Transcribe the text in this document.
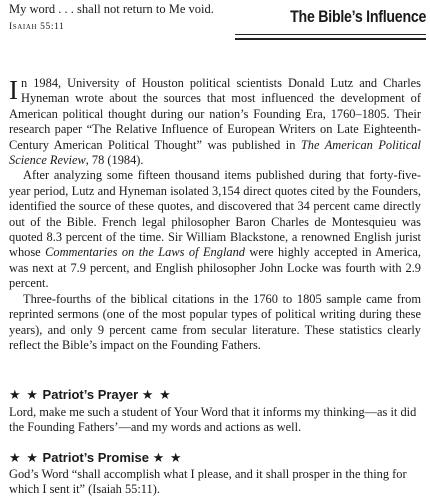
My word . . . shall not return to Me void.
Isaiah 55:11
The Bible’s Influence

In 1984, University of Houston political scientists Donald Lutz and Charles Hyneman wrote about the sources that most influenced the development of American political thought during our nation’s Founding Era, 1760–1805. Their research paper “The Relative Influence of European Writers on Late Eighteenth-Century American Political Thought” was published in The American Political Science Review, 78 (1984).

After analyzing some fifteen thousand items published during that forty-five-year period, Lutz and Hyneman isolated 3,154 direct quotes cited by the Founders, identified the source of these quotes, and discovered that 34 percent came directly out of the Bible. French legal philosopher Baron Charles de Montesquieu was quoted 8.3 percent of the time. Sir William Blackstone, a renowned English jurist whose Commentaries on the Laws of England were highly accepted in America, was next at 7.9 percent, and English philosopher John Locke was fourth with 2.9 percent.

Three-fourths of the biblical citations in the 1760 to 1805 sample came from reprinted sermons (one of the most popular types of political writing during these years), and only 9 percent came from secular literature. These statistics clearly reflect the Bible’s impact on the Founding Fathers.

★ ★ Patriot’s Prayer ★ ★
Lord, make me such a student of Your Word that it informs my thinking—as it did the Founding Fathers’—and my words and actions as well.
★ ★ Patriot’s Promise ★ ★
God’s Word “shall accomplish what I please, and it shall prosper in the thing for which I sent it” (Isaiah 55:11).
